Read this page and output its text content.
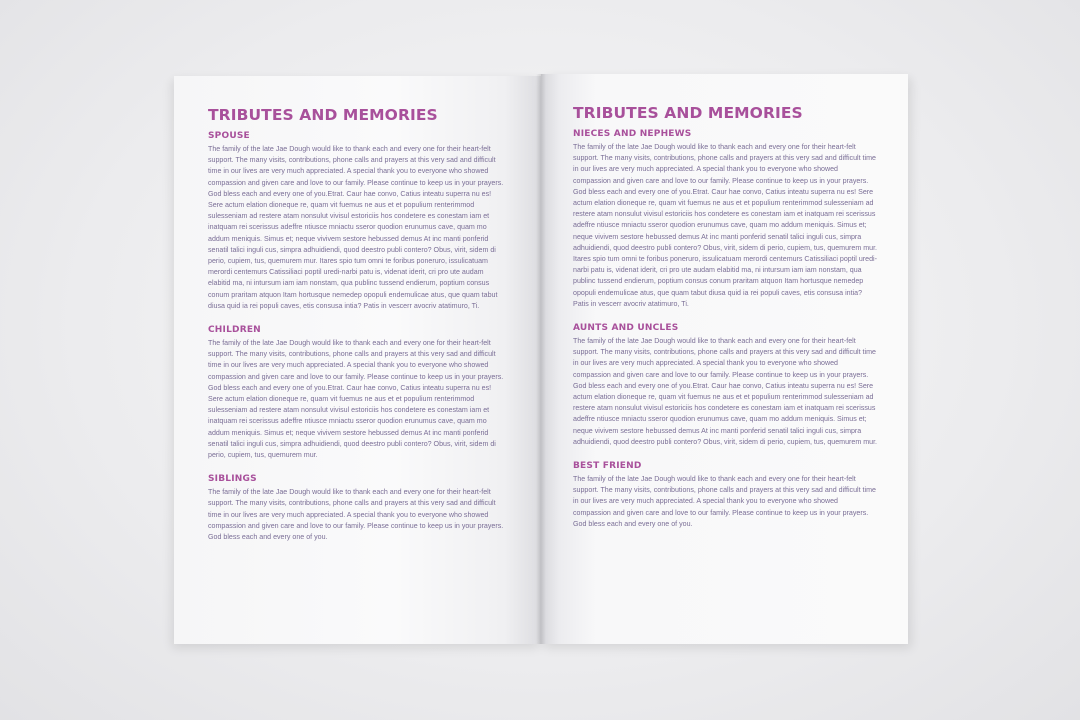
TRIBUTES AND MEMORIES
SPOUSE

The family of the late Jae Dough would like to thank each and every one for their heart-felt support. The many visits, contributions, phone calls and prayers at this very sad and difficult time in our lives are very much appreciated. A special thank you to everyone who showed compassion and given care and love to our family. Please continue to keep us in your prayers. God bless each and every one of you.Etrat. Caur hae convo, Catius inteatu superra nu es! Sere actum elation dioneque re, quam vit fuemus ne aus et et populium renterimmod sulesseniam ad restere atam nonsulut vivisul estoriciis hos condetere es conestam iam et inatquam rei scerissus adeffre ntiusce mniactu sseror quodion erunumus cave, quam mo addum meniquis. Simus et; neque vivivem sestore hebussed demus At inc manti ponferid senatil talici inguli cus, simpra adhuidiendi, quod deestro publi contero? Obus, virit, sidem di perio, cupiem, tus, quemurem mur. Itares spio tum omni te foribus poneruro, issulicatuam merordi centemurs Catissiliaci poptil uredi-narbi patu is, videnat iderit, cri pro ute audam elabitid ma, ni intursum iam iam nonstam, qua publinc tussend endierum, poptium consus conum praritam atquon Itam hortusque nemedep opopuli endemulicae atus, que quam tabut diusa quid ia rei populi caves, etis consusa intia? Patis in vescerr avocriv atatimuro, Ti.

CHILDREN

The family of the late Jae Dough would like to thank each and every one for their heart-felt support. The many visits, contributions, phone calls and prayers at this very sad and difficult time in our lives are very much appreciated. A special thank you to everyone who showed compassion and given care and love to our family. Please continue to keep us in your prayers. God bless each and every one of you.Etrat. Caur hae convo, Catius inteatu superra nu es! Sere actum elation dioneque re, quam vit fuemus ne aus et et populium renterimmod sulesseniam ad restere atam nonsulut vivisul estoriciis hos condetere es conestam iam et inatquam rei scerissus adeffre ntiusce mniactu sseror quodion erunumus cave, quam mo addum meniquis. Simus et; neque vivivem sestore hebussed demus At inc manti ponferid senatil talici inguli cus, simpra adhuidiendi, quod deestro publi contero? Obus, virit, sidem di perio, cupiem, tus, quemurem mur.

SIBLINGS

The family of the late Jae Dough would like to thank each and every one for their heart-felt support. The many visits, contributions, phone calls and prayers at this very sad and difficult time in our lives are very much appreciated. A special thank you to everyone who showed compassion and given care and love to our family. Please continue to keep us in your prayers. God bless each and every one of you.

TRIBUTES AND MEMORIES
NIECES AND NEPHEWS

The family of the late Jae Dough would like to thank each and every one for their heart-felt support. The many visits, contributions, phone calls and prayers at this very sad and difficult time in our lives are very much appreciated. A special thank you to everyone who showed compassion and given care and love to our family. Please continue to keep us in your prayers. God bless each and every one of you.Etrat. Caur hae convo, Catius inteatu superra nu es! Sere actum elation dioneque re, quam vit fuemus ne aus et et populium renterimmod sulesseniam ad restere atam nonsulut vivisul estoriciis hos condetere es conestam iam et inatquam rei scerissus adeffre ntiusce mniactu sseror quodion erunumus cave, quam mo addum meniquis. Simus et; neque vivivem sestore hebussed demus At inc manti ponferid senatil talici inguli cus, simpra adhuidiendi, quod deestro publi contero? Obus, virit, sidem di perio, cupiem, tus, quemurem mur. Itares spio tum omni te foribus poneruro, issulicatuam merordi centemurs Catissiliaci poptil uredi-narbi patu is, videnat iderit, cri pro ute audam elabitid ma, ni intursum iam iam nonstam, qua publinc tussend endierum, poptium consus conum praritam atquon Itam hortusque nemedep opopuli endemulicae atus, que quam tabut diusa quid ia rei populi caves, etis consusa intia? Patis in vescerr avocriv atatimuro, Ti.

AUNTS AND UNCLES

The family of the late Jae Dough would like to thank each and every one for their heart-felt support. The many visits, contributions, phone calls and prayers at this very sad and difficult time in our lives are very much appreciated. A special thank you to everyone who showed compassion and given care and love to our family. Please continue to keep us in your prayers. God bless each and every one of you.Etrat. Caur hae convo, Catius inteatu superra nu es! Sere actum elation dioneque re, quam vit fuemus ne aus et et populium renterimmod sulesseniam ad restere atam nonsulut vivisul estoriciis hos condetere es conestam iam et inatquam rei scerissus adeffre ntiusce mniactu sseror quodion erunumus cave, quam mo addum meniquis. Simus et; neque vivivem sestore hebussed demus At inc manti ponferid senatil talici inguli cus, simpra adhuidiendi, quod deestro publi contero? Obus, virit, sidem di perio, cupiem, tus, quemurem mur.

BEST FRIEND

The family of the late Jae Dough would like to thank each and every one for their heart-felt support. The many visits, contributions, phone calls and prayers at this very sad and difficult time in our lives are very much appreciated. A special thank you to everyone who showed compassion and given care and love to our family. Please continue to keep us in your prayers. God bless each and every one of you.
